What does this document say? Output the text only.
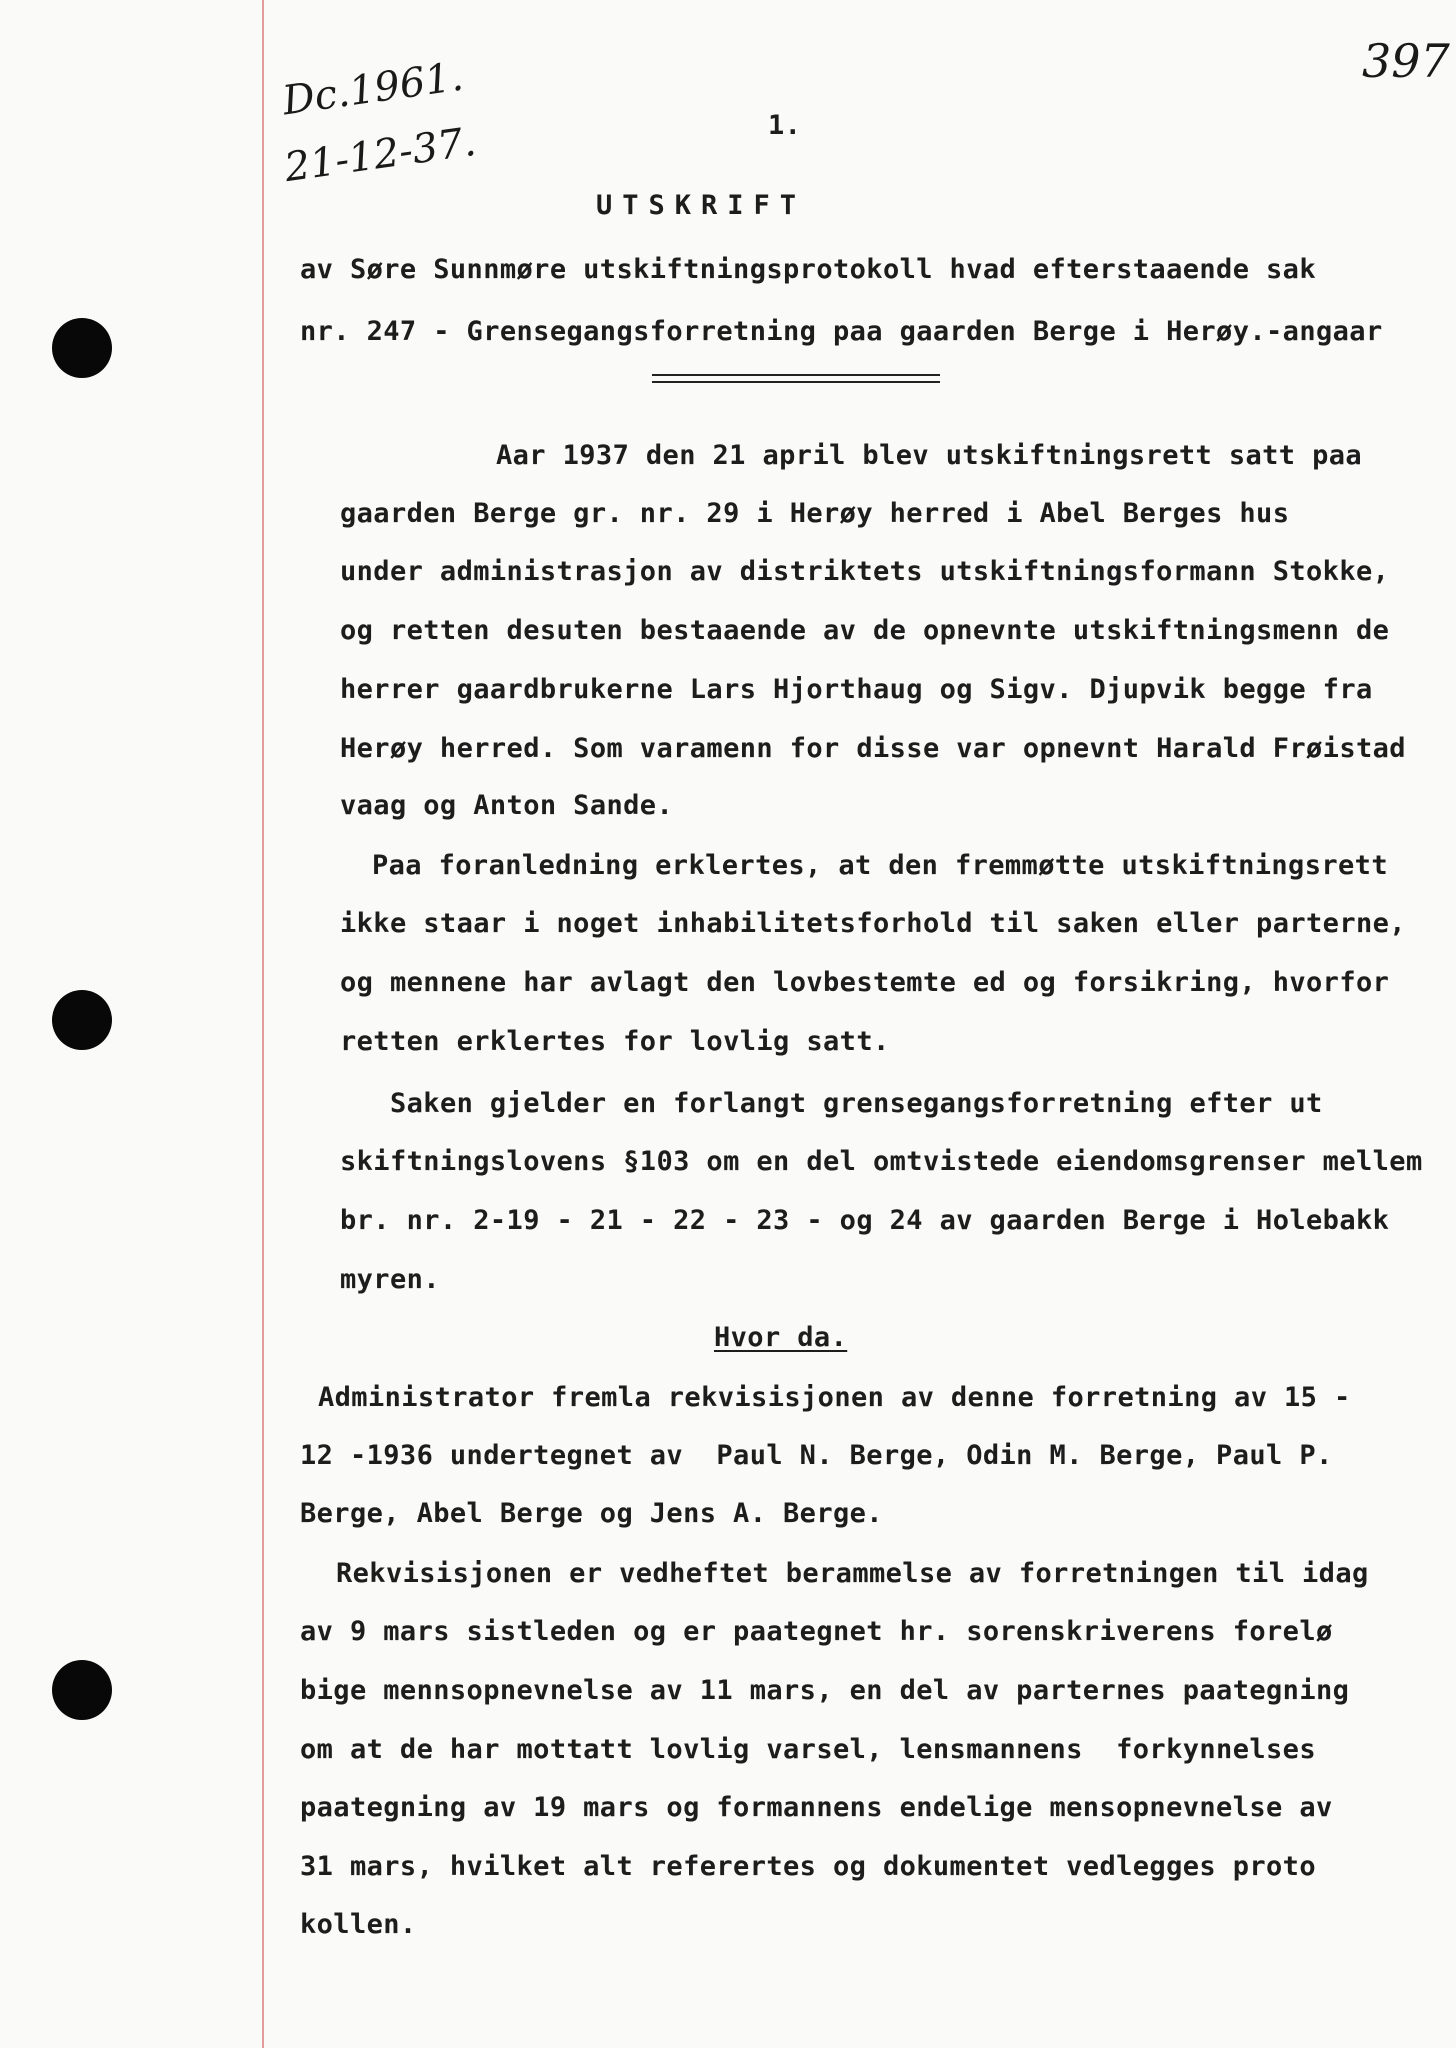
Dc.1961.
21-12-37.
397
1.
UTSKRIFT
av Søre Sunnmøre utskiftningsprotokoll hvad efterstaaende sak
nr. 247 - Grensegangsforretning paa gaarden Berge i Herøy.-angaar
Aar 1937 den 21 april blev utskiftningsrett satt paa
gaarden Berge gr. nr. 29 i Herøy herred i Abel Berges hus
under administrasjon av distriktets utskiftningsformann Stokke,
og retten desuten bestaaende av de opnevnte utskiftningsmenn de
herrer gaardbrukerne Lars Hjorthaug og Sigv. Djupvik begge fra
Herøy herred. Som varamenn for disse var opnevnt Harald Frøistad
vaag og Anton Sande.
Paa foranledning erklertes, at den fremmøtte utskiftningsrett
ikke staar i noget inhabilitetsforhold til saken eller parterne,
og mennene har avlagt den lovbestemte ed og forsikring, hvorfor
retten erklertes for lovlig satt.
Saken gjelder en forlangt grensegangsforretning efter ut
skiftningslovens §103 om en del omtvistede eiendomsgrenser mellem
br. nr. 2-19 - 21 - 22 - 23 - og 24 av gaarden Berge i Holebakk
myren.
Hvor da.
Administrator fremla rekvisisjonen av denne forretning av 15 -
12 -1936 undertegnet av  Paul N. Berge, Odin M. Berge, Paul P.
Berge, Abel Berge og Jens A. Berge.
Rekvisisjonen er vedheftet berammelse av forretningen til idag
av 9 mars sistleden og er paategnet hr. sorenskriverens forelø
bige mennsopnevnelse av 11 mars, en del av parternes paategning
om at de har mottatt lovlig varsel, lensmannens  forkynnelses
paategning av 19 mars og formannens endelige mensopnevnelse av
31 mars, hvilket alt referertes og dokumentet vedlegges proto
kollen.
